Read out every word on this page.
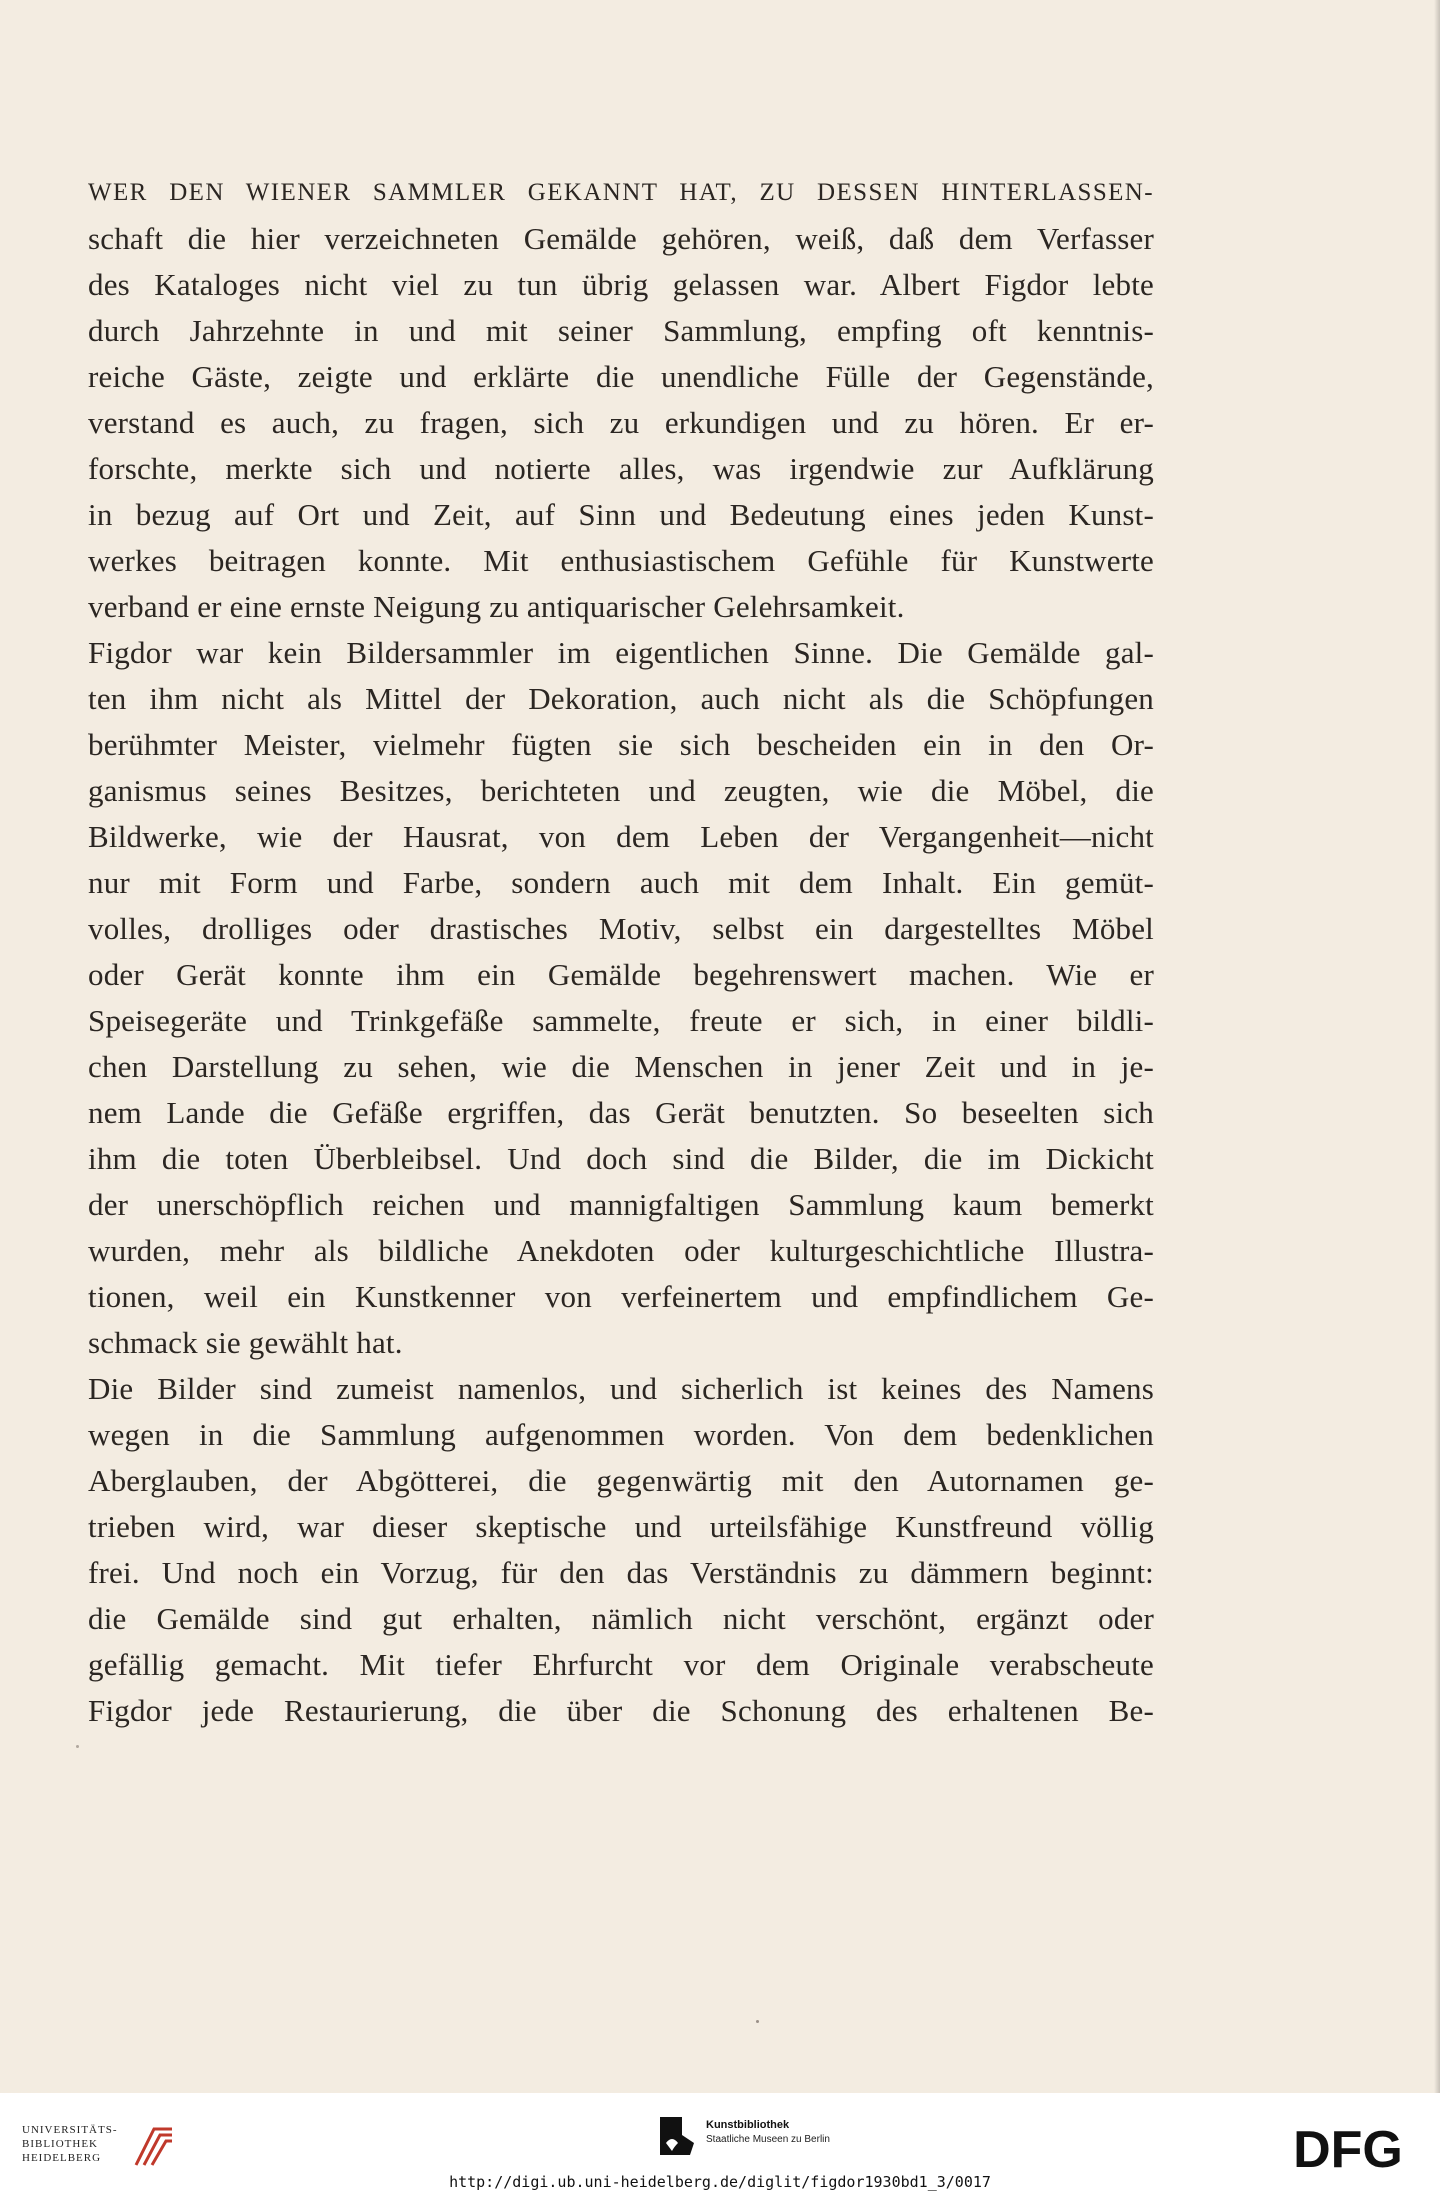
WER DEN WIENER SAMMLER GEKANNT HAT, ZU DESSEN HINTERLASSEN-
schaft die hier verzeichneten Gemälde gehören, weiß, daß dem Verfasser
des Kataloges nicht viel zu tun übrig gelassen war. Albert Figdor lebte
durch Jahrzehnte in und mit seiner Sammlung, empfing oft kenntnis-
reiche Gäste, zeigte und erklärte die unendliche Fülle der Gegenstände,
verstand es auch, zu fragen, sich zu erkundigen und zu hören. Er er-
forschte, merkte sich und notierte alles, was irgendwie zur Aufklärung
in bezug auf Ort und Zeit, auf Sinn und Bedeutung eines jeden Kunst-
werkes beitragen konnte. Mit enthusiastischem Gefühle für Kunstwerte
verband er eine ernste Neigung zu antiquarischer Gelehrsamkeit.
Figdor war kein Bildersammler im eigentlichen Sinne. Die Gemälde gal-
ten ihm nicht als Mittel der Dekoration, auch nicht als die Schöpfungen
berühmter Meister, vielmehr fügten sie sich bescheiden ein in den Or-
ganismus seines Besitzes, berichteten und zeugten, wie die Möbel, die
Bildwerke, wie der Hausrat, von dem Leben der Vergangenheit—nicht
nur mit Form und Farbe, sondern auch mit dem Inhalt. Ein gemüt-
volles, drolliges oder drastisches Motiv, selbst ein dargestelltes Möbel
oder Gerät konnte ihm ein Gemälde begehrenswert machen. Wie er
Speisegeräte und Trinkgefäße sammelte, freute er sich, in einer bildli-
chen Darstellung zu sehen, wie die Menschen in jener Zeit und in je-
nem Lande die Gefäße ergriffen, das Gerät benutzten. So beseelten sich
ihm die toten Überbleibsel. Und doch sind die Bilder, die im Dickicht
der unerschöpflich reichen und mannigfaltigen Sammlung kaum bemerkt
wurden, mehr als bildliche Anekdoten oder kulturgeschichtliche Illustra-
tionen, weil ein Kunstkenner von verfeinertem und empfindlichem Ge-
schmack sie gewählt hat.
Die Bilder sind zumeist namenlos, und sicherlich ist keines des Namens
wegen in die Sammlung aufgenommen worden. Von dem bedenklichen
Aberglauben, der Abgötterei, die gegenwärtig mit den Autornamen ge-
trieben wird, war dieser skeptische und urteilsfähige Kunstfreund völlig
frei. Und noch ein Vorzug, für den das Verständnis zu dämmern beginnt:
die Gemälde sind gut erhalten, nämlich nicht verschönt, ergänzt oder
gefällig gemacht. Mit tiefer Ehrfurcht vor dem Originale verabscheute
Figdor jede Restaurierung, die über die Schonung des erhaltenen Be-
UNIVERSITÄTS-
BIBLIOTHEK
HEIDELBERG
Kunstbibliothek
Staatliche Museen zu Berlin	DFG
http://digi.ub.uni-heidelberg.de/diglit/figdor1930bd1_3/0017
